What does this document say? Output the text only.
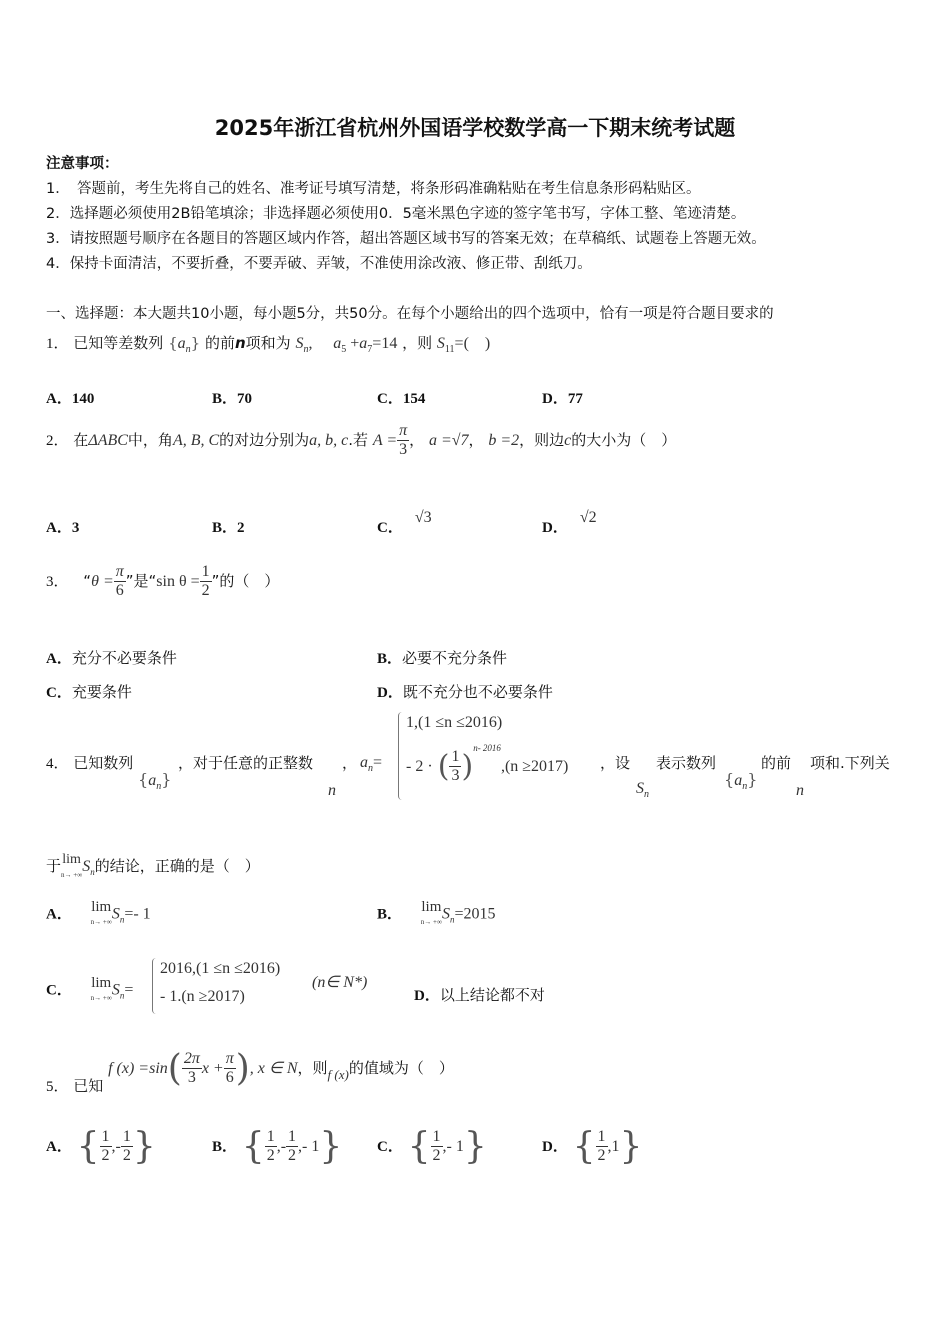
2025年浙江省杭州外国语学校数学高一下期末统考试题
注意事项：
1．　答题前，考生先将自己的姓名、准考证号填写清楚，将条形码准确粘贴在考生信息条形码粘贴区。
2．选择题必须使用2B铅笔填涂；非选择题必须使用0．5毫米黑色字迹的签字笔书写，字体工整、笔迹清楚。
3．请按照题号顺序在各题目的答题区域内作答，超出答题区域书写的答案无效；在草稿纸、试题卷上答题无效。
4．保持卡面清洁，不要折叠，不要弄破、弄皱，不准使用涂改液、修正带、刮纸刀。
一、选择题：本大题共10小题，每小题5分，共50分。在每个小题给出的四个选项中，恰有一项是符合题目要求的
1． 已知等差数列 $\{a_n\}$ 的前n项和为 $S_n$,　 $a_5 +a_7=14$ ，则 $S_{11}=$(　)
A．140	B．70	C．154	D．77
2． 在ΔABC中，角A, B, C的对边分别为a, b, c.若 $A = \frac{\pi}{3}$ ， a =√7， b =2，则边c的大小为（　）
A．3	B．2	C．√3
D．√2
3． “$\theta = \frac{\pi}{6}$ ”是“sin $\theta = \frac{1}{2}$ ”的（　）
A．充分不必要条件	B．必要不充分条件
C．充要条件	D．既不充分也不必要条件
4． 已知数列
$\{a_n\}$
，对于任意的正整数
n
， $a_n=$
1,(1 ≤n ≤2016)
- 2 · ( $\frac{1}{3} )^{n- 2016},(n \ge 2017)$ ，设
$S_n$
表示数列
$\{a_n\}$
的前
n
项和.下列关
于lim
$n\to +\infty S_n$的结论，正确的是（　）
A． lim
$n\to +\infty S_n=-$ 1	B． lim
$n\to +\infty S_n=2015$
C． lim
$n\to +\infty S_n=$
2016,(1 ≤n ≤2016)
- 1.(n ≥2017)
(n∈ N*)
D．以上结论都不对
5． 已知 f $(x) =\sin( \frac{2\pi}{3}$ $x + \frac{\pi}{6}$ ), x ∈ N，则f (x)的值域为（　）
A． { $\frac{1}{2}$ ,- $\frac{1}{2}$ }	B． { $\frac{1}{2}$ ,- $\frac{1}{2}$ ,- 1} C． { $\frac{1}{2}$ ,- 1}	D． { $\frac{1}{2} ,1$}
